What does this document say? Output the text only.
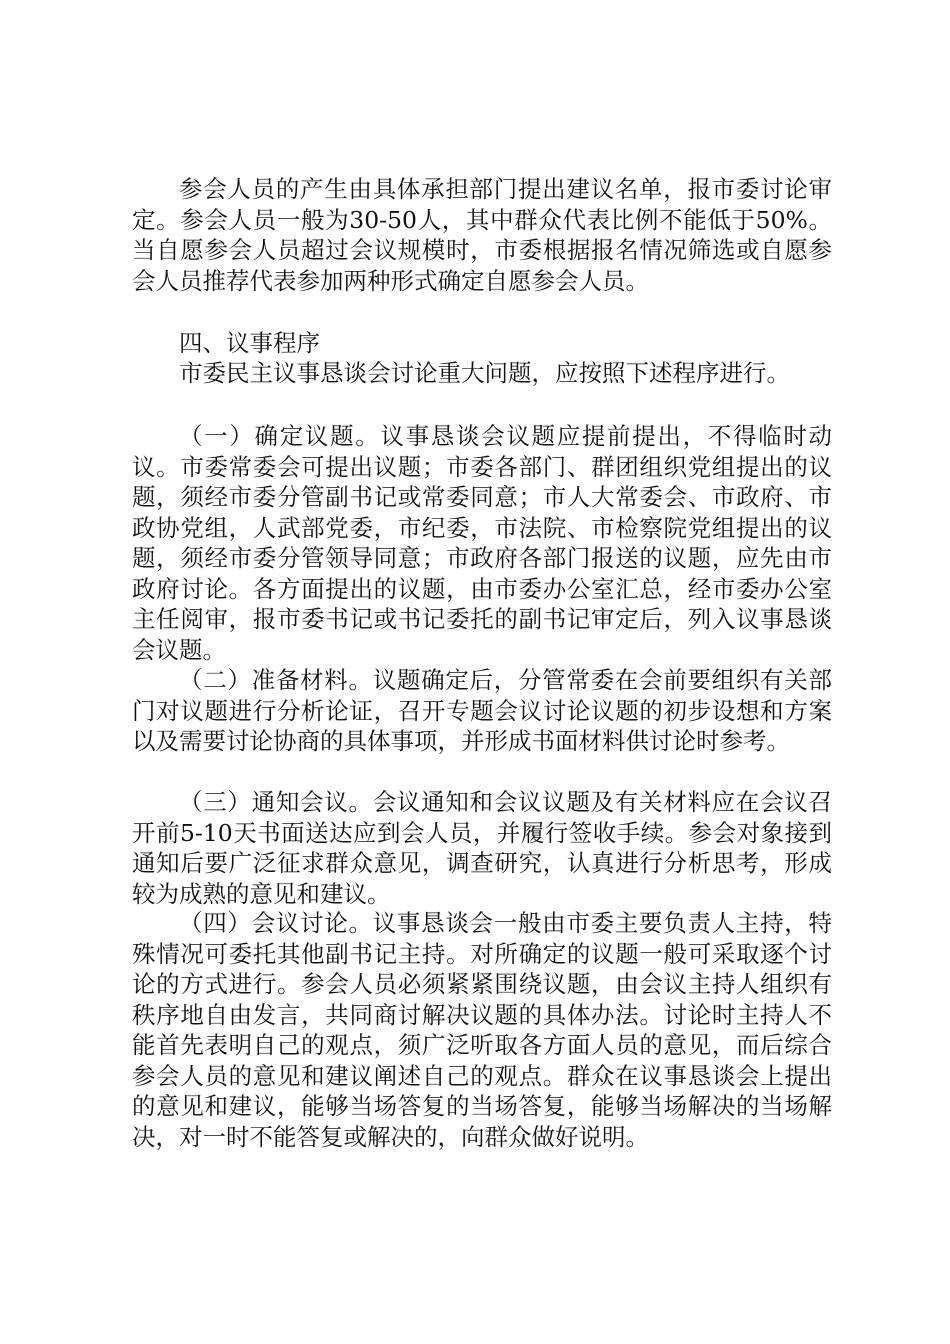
参会人员的产生由具体承担部门提出建议名单，报市委讨论审定。参会人员一般为30-50人，其中群众代表比例不能低于50%。当自愿参会人员超过会议规模时，市委根据报名情况筛选或自愿参会人员推荐代表参加两种形式确定自愿参会人员。

四、议事程序

市委民主议事恳谈会讨论重大问题，应按照下述程序进行。

（一）确定议题。议事恳谈会议题应提前提出，不得临时动议。市委常委会可提出议题；市委各部门、群团组织党组提出的议题，须经市委分管副书记或常委同意；市人大常委会、市政府、市政协党组，人武部党委，市纪委，市法院、市检察院党组提出的议题，须经市委分管领导同意；市政府各部门报送的议题，应先由市政府讨论。各方面提出的议题，由市委办公室汇总，经市委办公室主任阅审，报市委书记或书记委托的副书记审定后，列入议事恳谈会议题。

（二）准备材料。议题确定后，分管常委在会前要组织有关部门对议题进行分析论证，召开专题会议讨论议题的初步设想和方案以及需要讨论协商的具体事项，并形成书面材料供讨论时参考。

（三）通知会议。会议通知和会议议题及有关材料应在会议召开前5-10天书面送达应到会人员，并履行签收手续。参会对象接到通知后要广泛征求群众意见，调查研究，认真进行分析思考，形成较为成熟的意见和建议。

（四）会议讨论。议事恳谈会一般由市委主要负责人主持，特殊情况可委托其他副书记主持。对所确定的议题一般可采取逐个讨论的方式进行。参会人员必须紧紧围绕议题，由会议主持人组织有秩序地自由发言，共同商讨解决议题的具体办法。讨论时主持人不能首先表明自己的观点，须广泛听取各方面人员的意见，而后综合参会人员的意见和建议阐述自己的观点。群众在议事恳谈会上提出的意见和建议，能够当场答复的当场答复，能够当场解决的当场解决，对一时不能答复或解决的，向群众做好说明。
